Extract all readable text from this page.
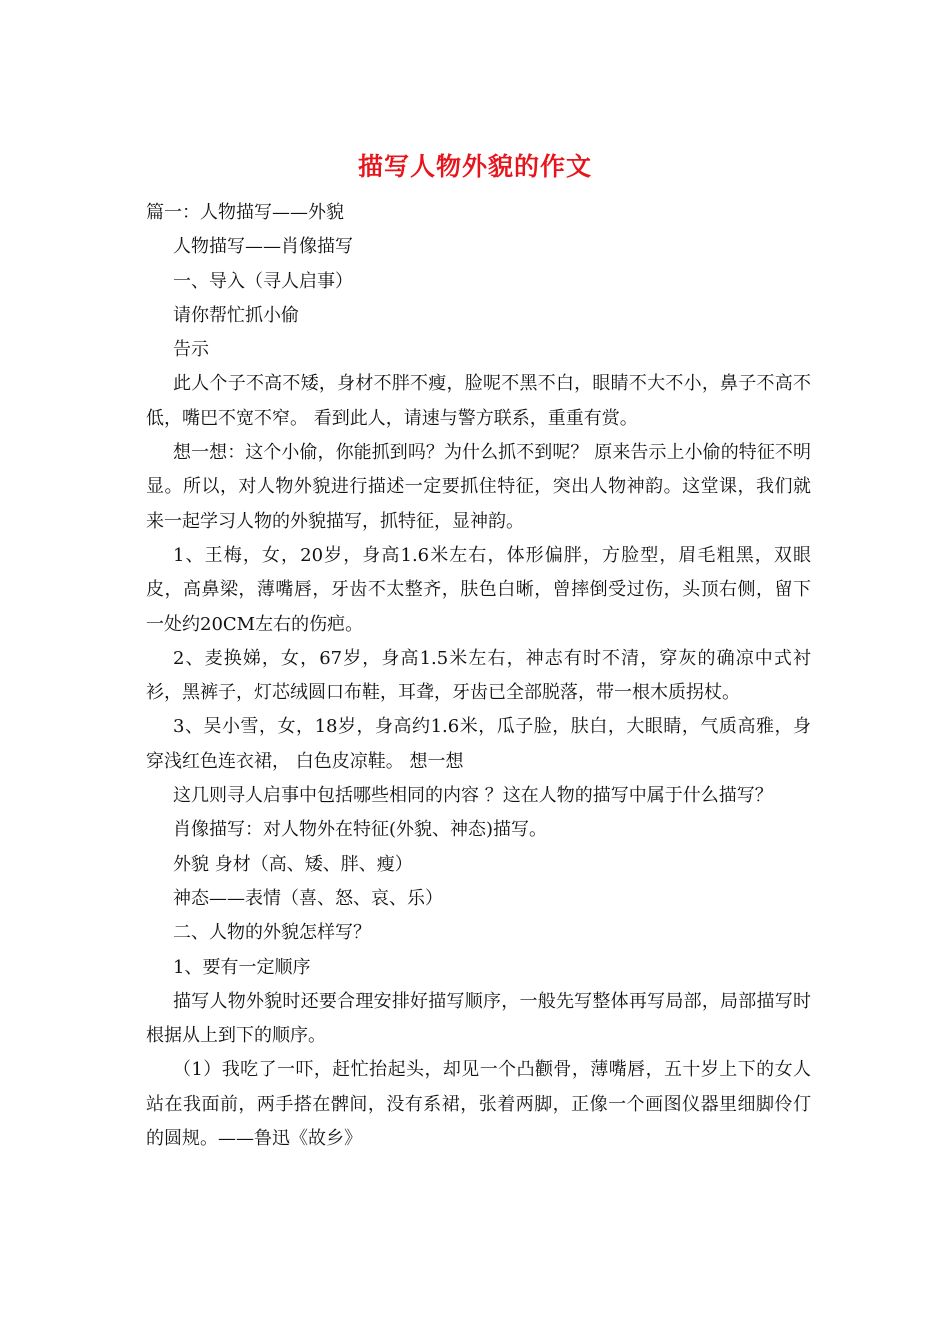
描写人物外貌的作文

篇一：人物描写——外貌

人物描写——肖像描写

一、导入（寻人启事）

请你帮忙抓小偷

告示

此人个子不高不矮，身材不胖不瘦，脸呢不黑不白，眼睛不大不小，鼻子不高不低，嘴巴不宽不窄。 看到此人，请速与警方联系，重重有赏。

想一想：这个小偷，你能抓到吗？为什么抓不到呢？ 原来告示上小偷的特征不明显。所以，对人物外貌进行描述一定要抓住特征，突出人物神韵。这堂课，我们就来一起学习人物的外貌描写，抓特征，显神韵。

1、王梅，女，20岁，身高1.6米左右，体形偏胖，方脸型，眉毛粗黑，双眼皮，高鼻梁，薄嘴唇，牙齿不太整齐，肤色白晰，曾摔倒受过伤，头顶右侧，留下一处约20CM左右的伤疤。

2、麦换娣，女，67岁，身高1.5米左右，神志有时不清，穿灰的确凉中式衬衫，黑裤子，灯芯绒圆口布鞋，耳聋，牙齿已全部脱落，带一根木质拐杖。

3、吴小雪，女，18岁，身高约1.6米，瓜子脸，肤白，大眼睛，气质高雅，身穿浅红色连衣裙， 白色皮凉鞋。 想一想

这几则寻人启事中包括哪些相同的内容 ？这在人物的描写中属于什么描写？

肖像描写：对人物外在特征(外貌、神态)描写。

外貌 身材（高、矮、胖、瘦）

神态——表情（喜、怒、哀、乐）

二、人物的外貌怎样写？

1、要有一定顺序

描写人物外貌时还要合理安排好描写顺序，一般先写整体再写局部，局部描写时根据从上到下的顺序。

（1）我吃了一吓，赶忙抬起头，却见一个凸颧骨，薄嘴唇，五十岁上下的女人站在我面前，两手搭在髀间，没有系裙，张着两脚，正像一个画图仪器里细脚伶仃的圆规。——鲁迅《故乡》
